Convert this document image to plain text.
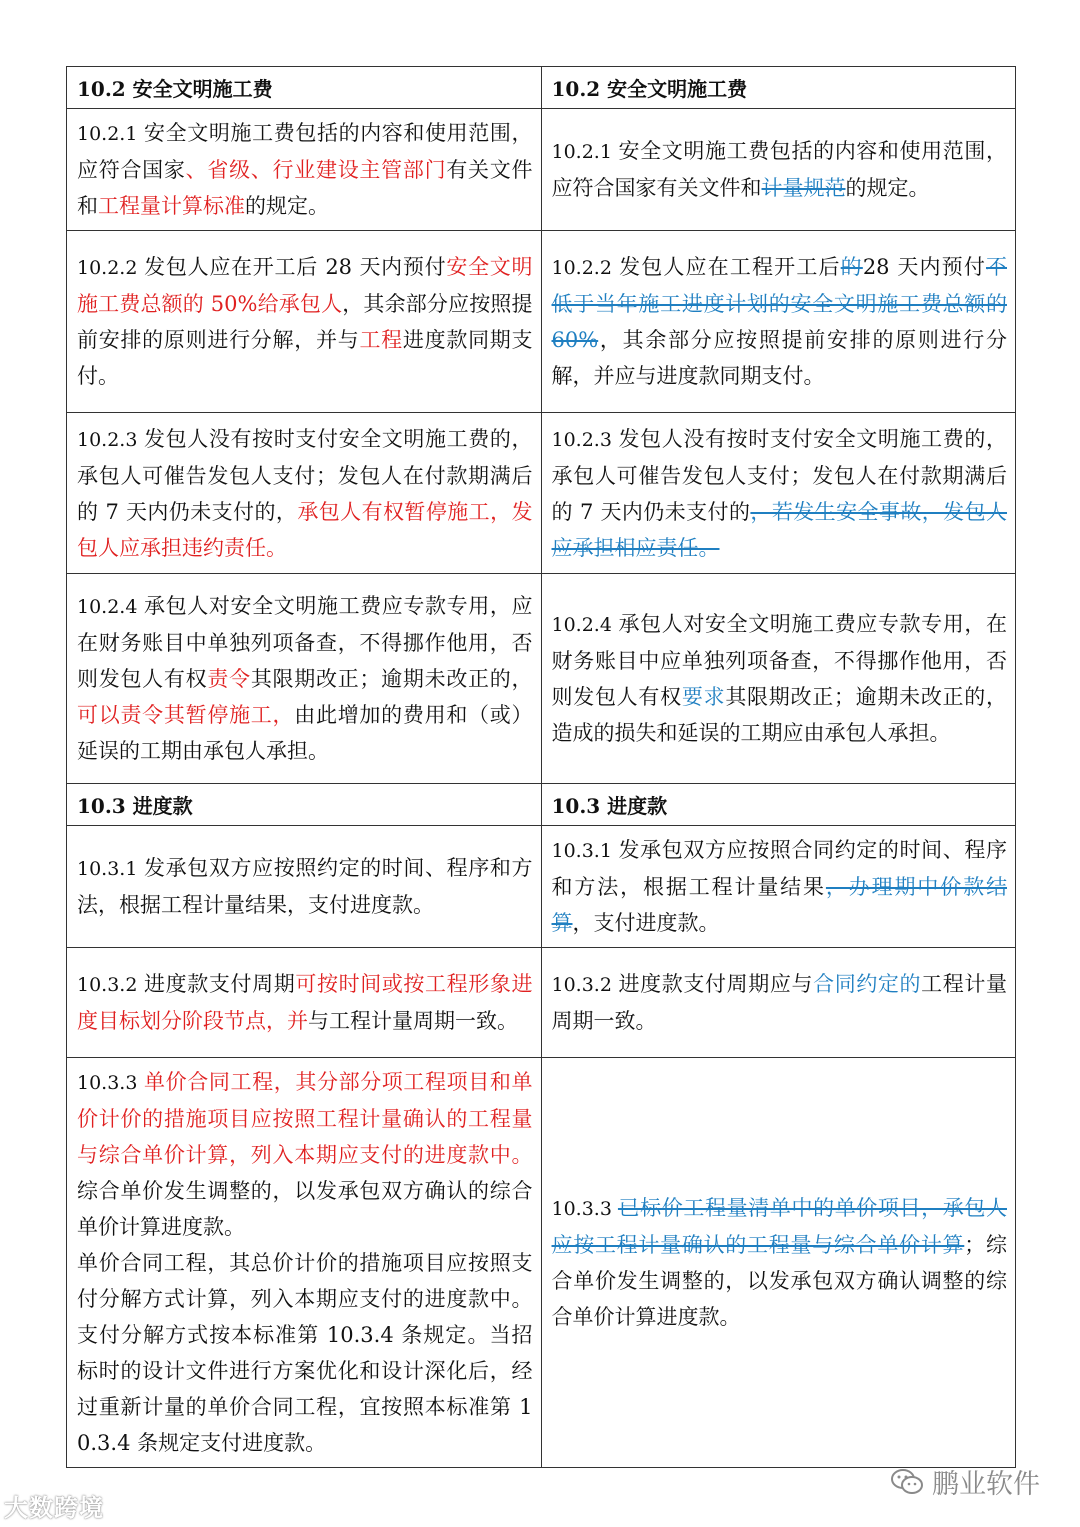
10.2 安全文明施工费	10.2 安全文明施工费
10.2.1 安全文明施工费包括的内容和使用范围，应符合国家、省级、行业建设主管部门有关文件和工程量计算标准的规定。	10.2.1 安全文明施工费包括的内容和使用范围，应符合国家有关文件和计量规范的规定。
10.2.2 发包人应在开工后 28 天内预付安全文明施工费总额的 50%给承包人，其余部分应按照提前安排的原则进行分解，并与工程进度款同期支付。	10.2.2 发包人应在工程开工后的28 天内预付不低于当年施工进度计划的安全文明施工费总额的 60%，其余部分应按照提前安排的原则进行分解，并应与进度款同期支付。
10.2.3 发包人没有按时支付安全文明施工费的，承包人可催告发包人支付；发包人在付款期满后的 7 天内仍未支付的，承包人有权暂停施工，发包人应承担违约责任。	10.2.3 发包人没有按时支付安全文明施工费的，承包人可催告发包人支付；发包人在付款期满后的 7 天内仍未支付的，若发生安全事故，发包人应承担相应责任。
10.2.4 承包人对安全文明施工费应专款专用，应在财务账目中单独列项备查，不得挪作他用，否则发包人有权责令其限期改正；逾期未改正的，可以责令其暂停施工，由此增加的费用和（或）延误的工期由承包人承担。	10.2.4 承包人对安全文明施工费应专款专用，在财务账目中应单独列项备查，不得挪作他用，否则发包人有权要求其限期改正；逾期未改正的，造成的损失和延误的工期应由承包人承担。
10.3 进度款	10.3 进度款
10.3.1 发承包双方应按照约定的时间、程序和方法，根据工程计量结果，支付进度款。	10.3.1 发承包双方应按照合同约定的时间、程序和方法，根据工程计量结果，办理期中价款结算，支付进度款。
10.3.2 进度款支付周期可按时间或按工程形象进度目标划分阶段节点，并与工程计量周期一致。	10.3.2 进度款支付周期应与合同约定的工程计量周期一致。
10.3.3 单价合同工程，其分部分项工程项目和单价计价的措施项目应按照工程计量确认的工程量与综合单价计算，列入本期应支付的进度款中。综合单价发生调整的，以发承包双方确认的综合单价计算进度款。
单价合同工程，其总价计价的措施项目应按照支付分解方式计算，列入本期应支付的进度款中。支付分解方式按本标准第 10.3.4 条规定。当招标时的设计文件进行方案优化和设计深化后，经过重新计量的单价合同工程，宜按照本标准第 10.3.4 条规定支付进度款。	10.3.3 已标价工程量清单中的单价项目，承包人应按工程计量确认的工程量与综合单价计算；综合单价发生调整的，以发承包双方确认调整的综合单价计算进度款。
大数跨境
鹏业软件
